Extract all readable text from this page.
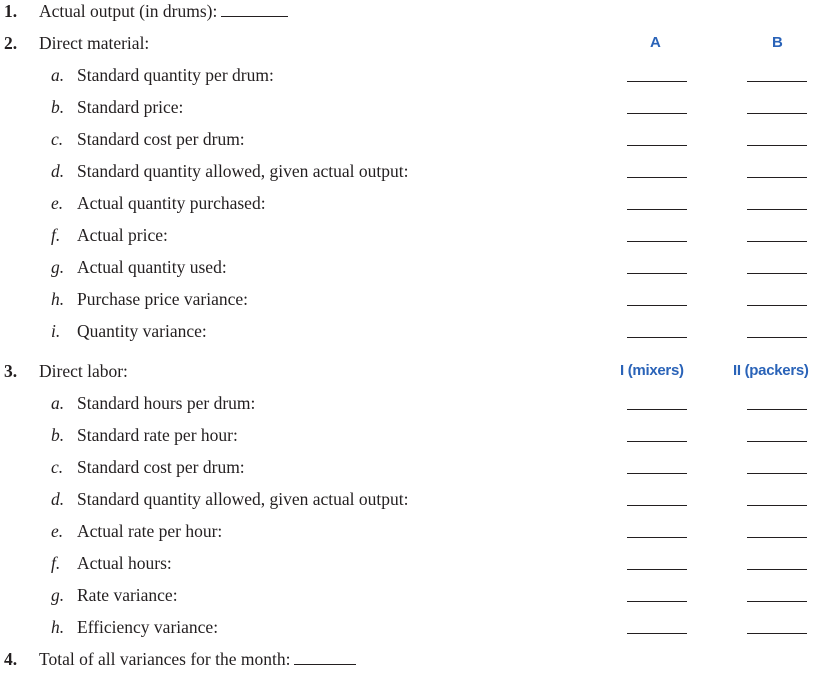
1. Actual output (in drums):
2. Direct material:	A	B
a. Standard quantity per drum:
b. Standard price:
c. Standard cost per drum:
d. Standard quantity allowed, given actual output:
e. Actual quantity purchased:
f. Actual price:
g. Actual quantity used:
h. Purchase price variance:
i. Quantity variance:
3. Direct labor:	I (mixers)	II (packers)
a. Standard hours per drum:
b. Standard rate per hour:
c. Standard cost per drum:
d. Standard quantity allowed, given actual output:
e. Actual rate per hour:
f. Actual hours:
g. Rate variance:
h. Efficiency variance:
4. Total of all variances for the month:
